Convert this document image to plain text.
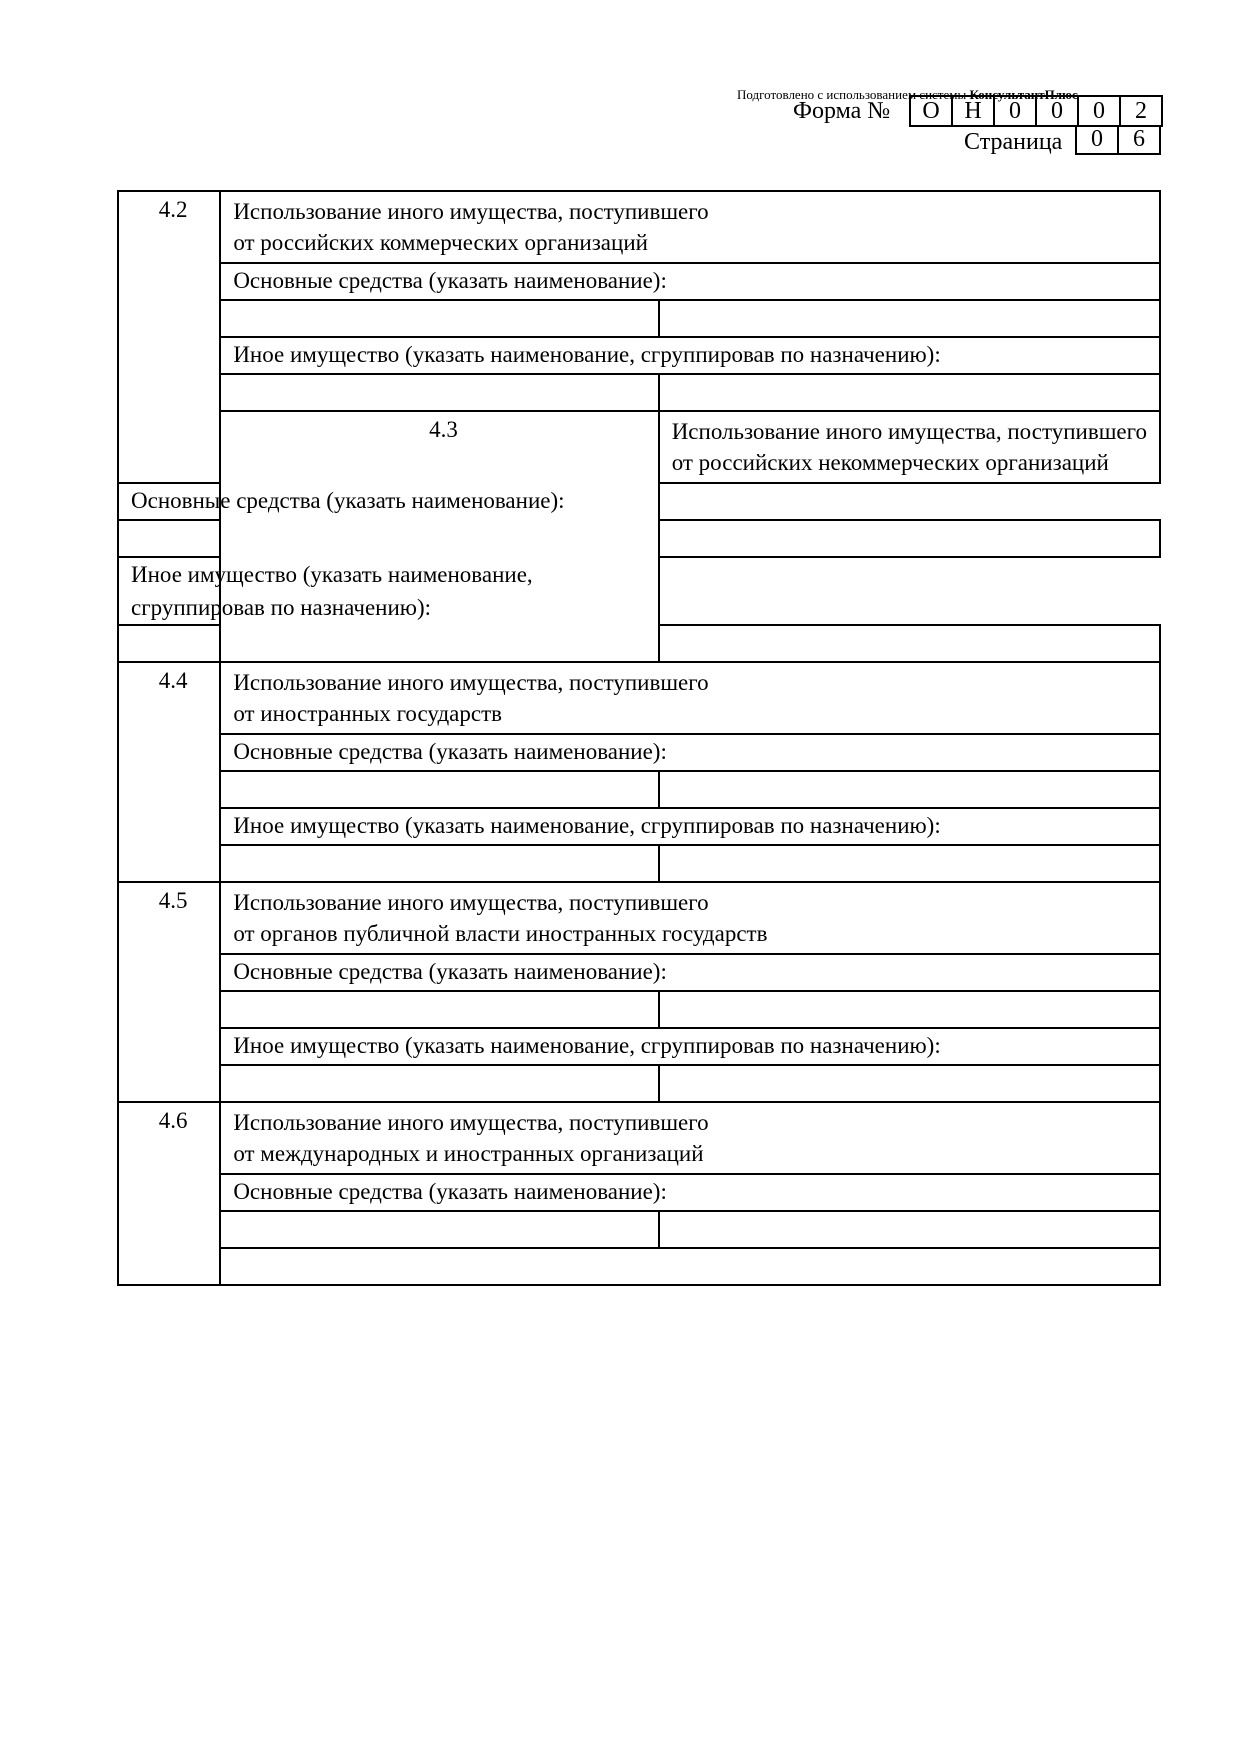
Подготовлено с использованием системы КонсультантПлюс
Форма №	О	Н	0	0	0	2
Страница	0	6
4.2	Использование иного имущества, поступившего
от российских коммерческих организаций	

	Основные средства (указать наименование):	

	Иное имущество (указать наименование, сгруппировав по назначению):	

	4.3	Использование иного имущества, поступившего
от российских некоммерческих организаций

Основные средства (указать наименование):		

Иное имущество (указать наименование, сгруппировав по назначению):		

4.4	Использование иного имущества, поступившего
от иностранных государств	

	Основные средства (указать наименование):	

	Иное имущество (указать наименование, сгруппировав по назначению):	

4.5	Использование иного имущества, поступившего
от органов публичной власти иностранных государств	

	Основные средства (указать наименование):	

	Иное имущество (указать наименование, сгруппировав по назначению):	

4.6	Использование иного имущества, поступившего
от международных и иностранных организаций	

	Основные средства (указать наименование):	
